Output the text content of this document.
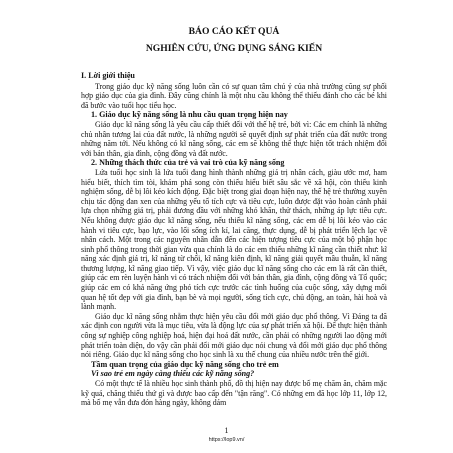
BÁO CÁO KẾT QUẢ

NGHIÊN CỨU, ỨNG DỤNG SÁNG KIẾN

I. Lời giới thiệu

Trong giáo dục kỹ năng sống luôn cần có sự quan tâm chú ý của nhà trường cũng sự phối hợp giáo dục của gia đình. Đây cũng chính là một nhu cầu không thể thiếu đánh cho các bé khi đã bước vào tuổi học tiểu học.

1. Giáo dục kỹ năng sống là nhu cầu quan trọng hiện nay

Giáo dục kĩ năng sống là yêu cầu cấp thiết đối với thế hệ trẻ, bởi vì: Các em chính là những chủ nhân tương lai của đất nước, là những người sẽ quyết định sự phát triển của đất nước trong những năm tới. Nếu không có kĩ năng sống, các em sẽ không thể thực hiện tốt trách nhiệm đối với bản thân, gia đình, cộng đồng và đất nước.

2. Những thách thức của trẻ và vai trò của kỹ năng sống

Lứa tuổi học sinh là lứa tuổi đang hình thành những giá trị nhân cách, giàu ước mơ, ham hiểu biết, thích tìm tòi, khám phá song còn thiếu hiểu biết sâu sắc về xã hội, còn thiếu kinh nghiệm sống, dễ bị lôi kéo kích động. Đặc biệt trong giai đoạn hiện nay, thế hệ trẻ thường xuyên chịu tác động đan xen của những yếu tố tích cực và tiêu cực, luôn được đặt vào hoàn cảnh phải lựa chọn những giá trị, phải đương đầu với những khó khăn, thử thách, những áp lực tiêu cực. Nếu không được giáo dục kĩ năng sống, nếu thiếu kĩ năng sống, các em dễ bị lôi kéo vào các hành vi tiêu cực, bạo lực, vào lối sống ích kỉ, lai căng, thực dụng, dễ bị phát triển lệch lạc về nhân cách. Một trong các nguyên nhân dẫn đến các hiện tượng tiêu cực của một bộ phận học sinh phổ thông trong thời gian vừa qua chính là do các em thiếu những kĩ năng cần thiết như: kĩ năng xác định giá trị, kĩ năng từ chối, kĩ năng kiên định, kĩ năng giải quyết mâu thuẫn, kĩ năng thương lượng, kĩ năng giao tiếp. Vì vậy, việc giáo dục kĩ năng sống cho các em là rất cần thiết, giúp các em rèn luyện hành vi có trách nhiệm đối với bản thân, gia đình, cộng đồng và Tổ quốc; giúp các em có khả năng ứng phó tích cực trước các tình huống của cuộc sống, xây dựng mối quan hệ tốt đẹp với gia đình, bạn bè và mọi người, sống tích cực, chủ động, an toàn, hài hoà và lành mạnh.

Giáo dục kĩ năng sống nhằm thực hiện yêu cầu đổi mới giáo dục phổ thông. Vì Đảng ta đã xác định con người vừa là mục tiêu, vừa là động lực của sự phát triển xã hội. Để thực hiện thành công sự nghiệp công nghiệp hoá, hiện đại hoá đất nước, cần phải có những người lao động mới phát triển toàn diện, do vậy cần phải đổi mới giáo dục nói chung và đổi mới giáo dục phổ thông nói riêng. Giáo dục kĩ năng sống cho học sinh là xu thế chung của nhiều nước trên thế giới.

Tầm quan trọng của giáo dục kỹ năng sống cho trẻ em

Vì sao trẻ em ngày càng thiếu các kỹ năng sống?

Có một thực tế là nhiều học sinh thành phố, đồ thị hiện nay được bố mẹ chăm ăn, chăm mặc kỹ quá, chăng thiếu thứ gì và được bao cấp đến "tận răng". Có những em đã học lớp 11, lớp 12, mà bố mẹ vẫn đưa đón hàng ngày, không dám

1
https://lop9.vn/
